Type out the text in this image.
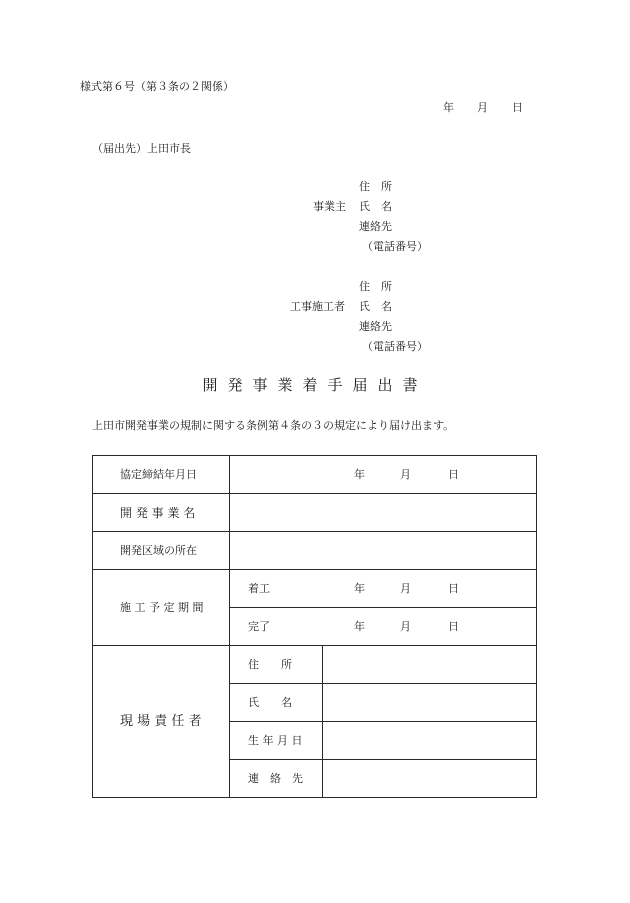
様式第６号（第３条の２関係）
年 月 日
（届出先）上田市長
住　所
事業主 氏　名
連絡先
（電話番号）
住　所
工事施工者 氏　名
連絡先
（電話番号）
開発事業着手届出書
上田市開発事業の規制に関する条例第４条の３の規定により届け出ます。
協定締結年月日	年 月 日	

開 発 事 業 名		
開発区域の所在		
施 工 予 定 期 間	着工 年 月 日	

	完了 年 月 日	

現 場 責 任 者	住　　所	
	氏　　名	
	生 年 月 日	
	連　絡　先	
